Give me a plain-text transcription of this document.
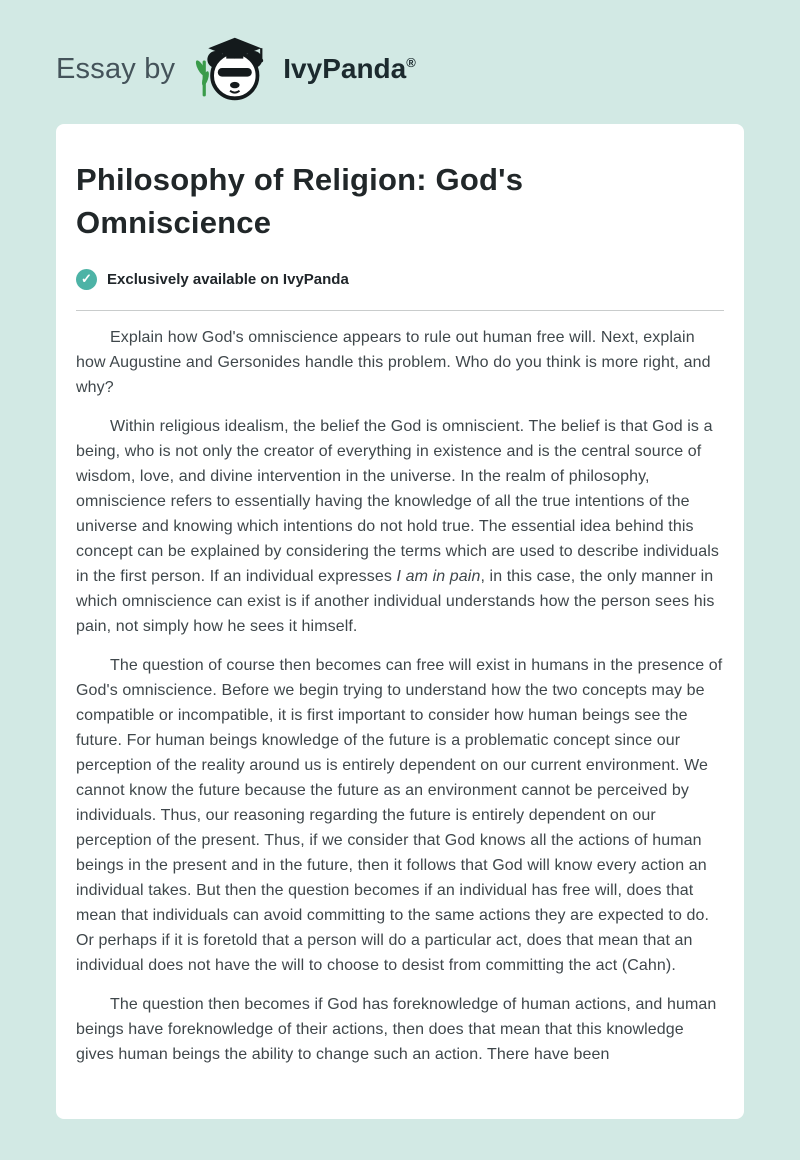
Essay by	IvyPanda®
Philosophy of Religion: God's Omniscience
✓	Exclusively available on IvyPanda

Explain how God's omniscience appears to rule out human free will. Next, explain how Augustine and Gersonides handle this problem. Who do you think is more right, and why?

Within religious idealism, the belief the God is omniscient. The belief is that God is a being, who is not only the creator of everything in existence and is the central source of wisdom, love, and divine intervention in the universe. In the realm of philosophy, omniscience refers to essentially having the knowledge of all the true intentions of the universe and knowing which intentions do not hold true. The essential idea behind this concept can be explained by considering the terms which are used to describe individuals in the first person. If an individual expresses I am in pain, in this case, the only manner in which omniscience can exist is if another individual understands how the person sees his pain, not simply how he sees it himself.

The question of course then becomes can free will exist in humans in the presence of God's omniscience. Before we begin trying to understand how the two concepts may be compatible or incompatible, it is first important to consider how human beings see the future. For human beings knowledge of the future is a problematic concept since our perception of the reality around us is entirely dependent on our current environment. We cannot know the future because the future as an environment cannot be perceived by individuals. Thus, our reasoning regarding the future is entirely dependent on our perception of the present. Thus, if we consider that God knows all the actions of human beings in the present and in the future, then it follows that God will know every action an individual takes. But then the question becomes if an individual has free will, does that mean that individuals can avoid committing to the same actions they are expected to do. Or perhaps if it is foretold that a person will do a particular act, does that mean that an individual does not have the will to choose to desist from committing the act (Cahn).

The question then becomes if God has foreknowledge of human actions, and human beings have foreknowledge of their actions, then does that mean that this knowledge gives human beings the ability to change such an action. There have been
